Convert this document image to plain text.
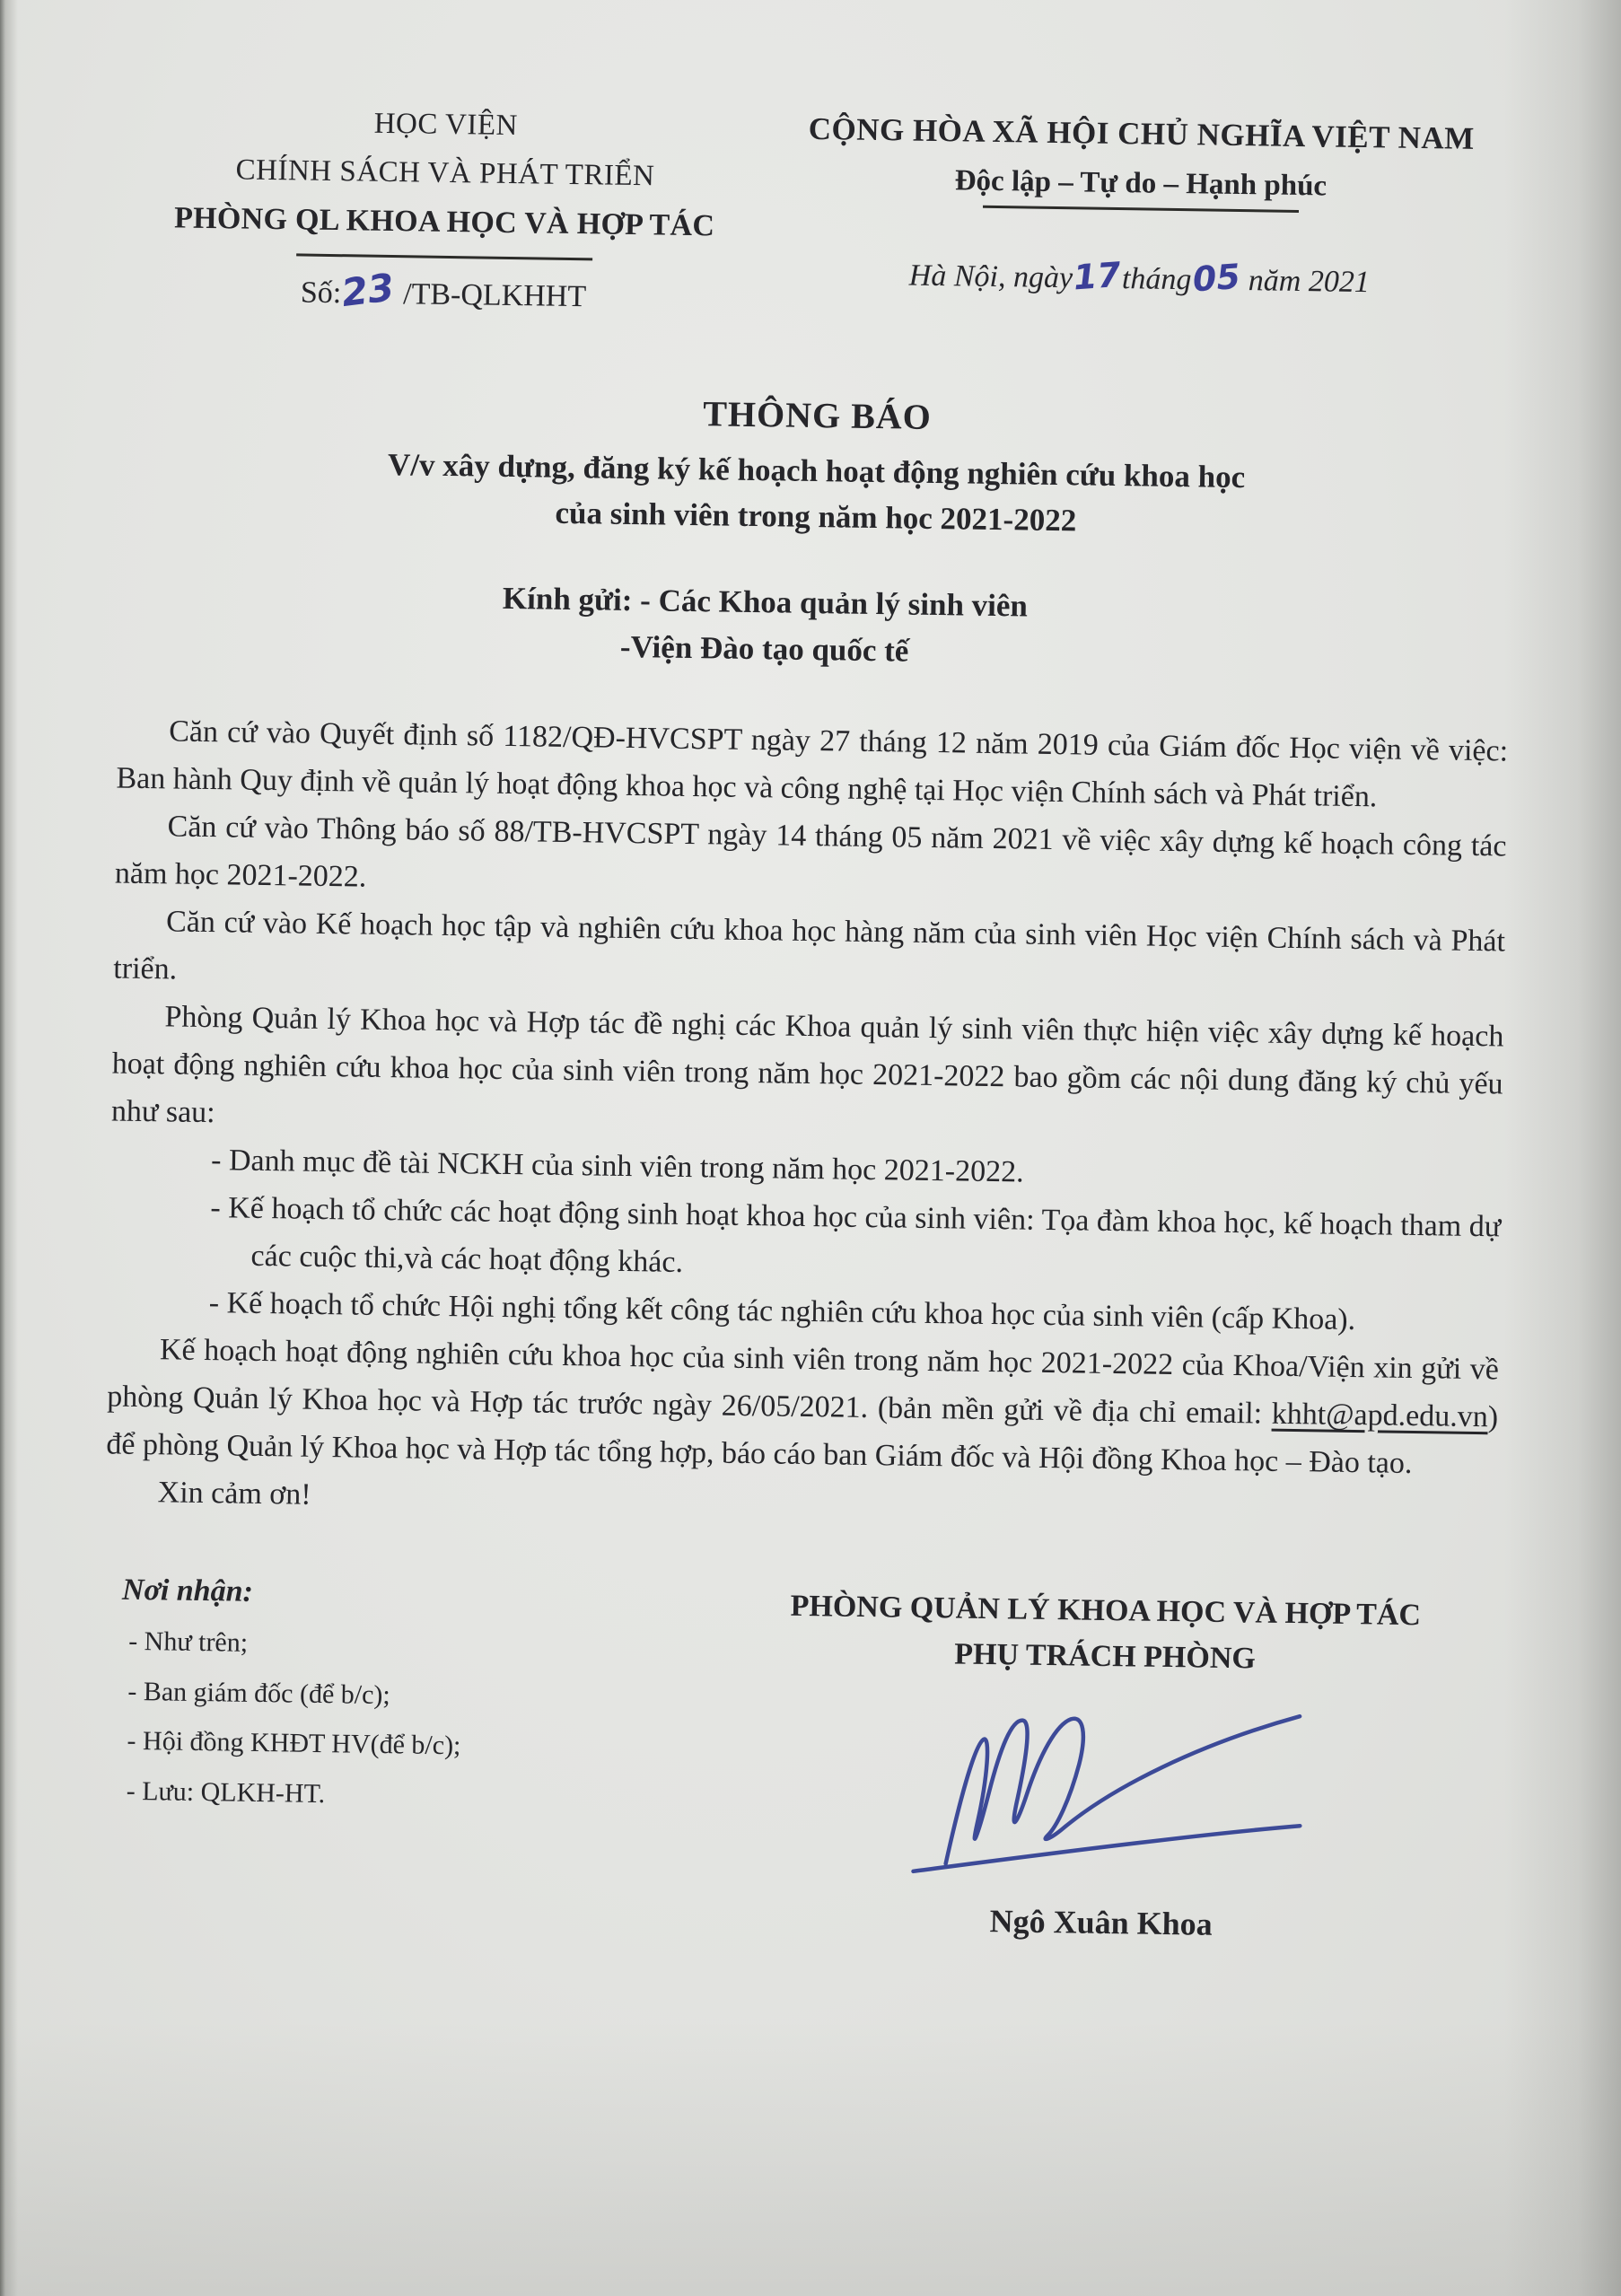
HỌC VIỆN
CHÍNH SÁCH VÀ PHÁT TRIỂN
PHÒNG QL KHOA HỌC VÀ HỢP TÁC
Số:23 /TB-QLKHHT
CỘNG HÒA XÃ HỘI CHỦ NGHĨA VIỆT NAM
Độc lập – Tự do – Hạnh phúc
Hà Nội, ngày17tháng05 năm 2021
THÔNG BÁO
V/v xây dựng, đăng ký kế hoạch hoạt động nghiên cứu khoa học
của sinh viên trong năm học 2021-2022
Kính gửi: - Các Khoa quản lý sinh viên
-Viện Đào tạo quốc tế

Căn cứ vào Quyết định số 1182/QĐ-HVCSPT ngày 27 tháng 12 năm 2019 của Giám đốc Học viện về việc: Ban hành Quy định về quản lý hoạt động khoa học và công nghệ tại Học viện Chính sách và Phát triển.

Căn cứ vào Thông báo số 88/TB-HVCSPT ngày 14 tháng 05 năm 2021 về việc xây dựng kế hoạch công tác năm học 2021-2022.

Căn cứ vào Kế hoạch học tập và nghiên cứu khoa học hàng năm của sinh viên Học viện Chính sách và Phát triển.

Phòng Quản lý Khoa học và Hợp tác đề nghị các Khoa quản lý sinh viên thực hiện việc xây dựng kế hoạch hoạt động nghiên cứu khoa học của sinh viên trong năm học 2021-2022 bao gồm các nội dung đăng ký chủ yếu như sau:

- Danh mục đề tài NCKH của sinh viên trong năm học 2021-2022.
- Kế hoạch tổ chức các hoạt động sinh hoạt khoa học của sinh viên: Tọa đàm khoa học, kế hoạch tham dự các cuộc thi,và các hoạt động khác.
- Kế hoạch tổ chức Hội nghị tổng kết công tác nghiên cứu khoa học của sinh viên (cấp Khoa).

Kế hoạch hoạt động nghiên cứu khoa học của sinh viên trong năm học 2021-2022 của Khoa/Viện xin gửi về phòng Quản lý Khoa học và Hợp tác trước ngày 26/05/2021. (bản mền gửi về địa chỉ email: khht@apd.edu.vn) để phòng Quản lý Khoa học và Hợp tác tổng hợp, báo cáo ban Giám đốc và Hội đồng Khoa học – Đào tạo.

Xin cảm ơn!

Nơi nhận:
- Như trên;
- Ban giám đốc (để b/c);
- Hội đồng KHĐT HV(để b/c);
- Lưu: QLKH-HT.
PHÒNG QUẢN LÝ KHOA HỌC VÀ HỢP TÁC
PHỤ TRÁCH PHÒNG
Ngô Xuân Khoa
